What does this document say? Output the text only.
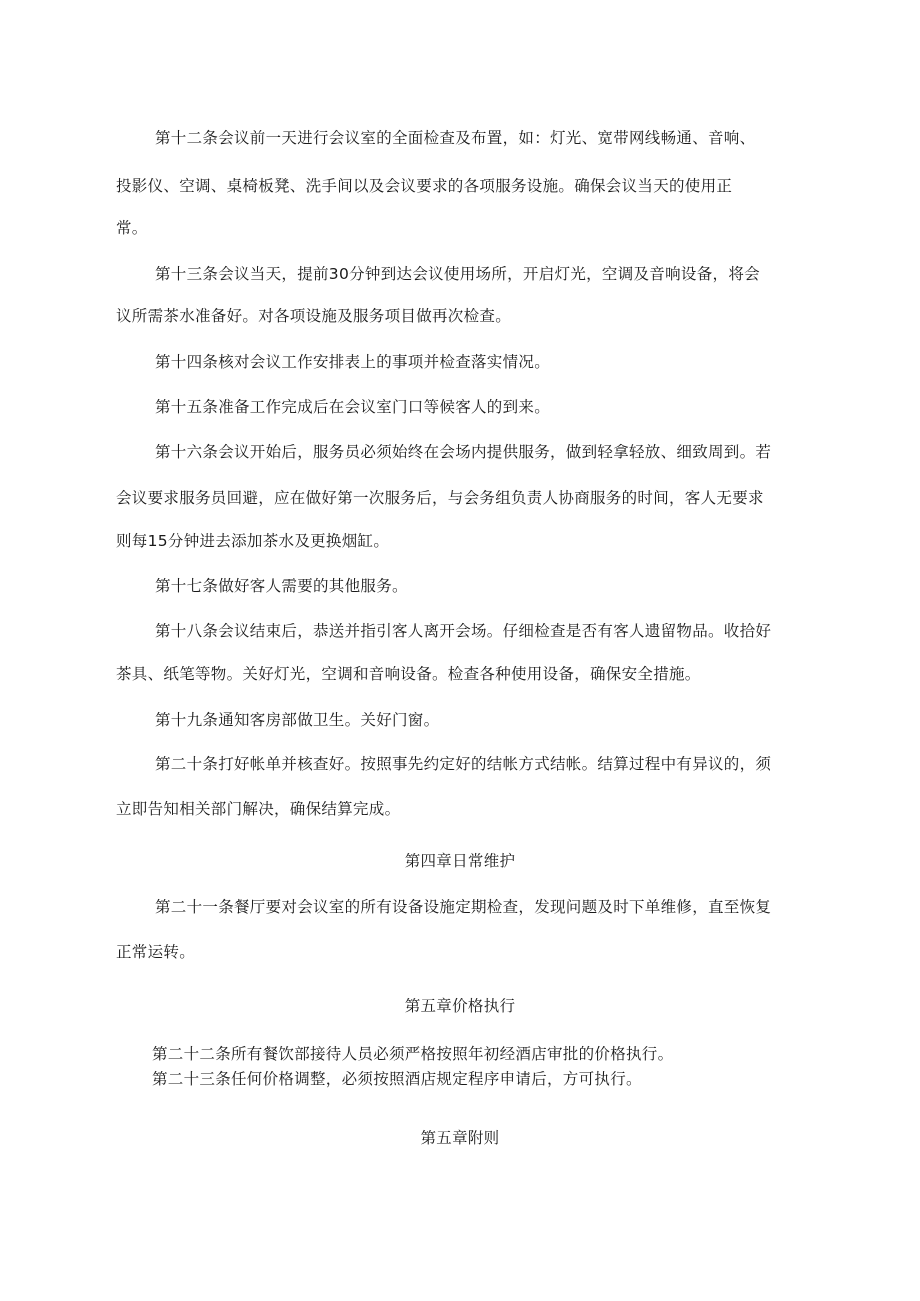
第十二条会议前一天进行会议室的全面检查及布置，如：灯光、宽带网线畅通、音响、
投影仪、空调、桌椅板凳、洗手间以及会议要求的各项服务设施。确保会议当天的使用正
常。
第十三条会议当天，提前30分钟到达会议使用场所，开启灯光，空调及音响设备，将会
议所需茶水准备好。对各项设施及服务项目做再次检查。
第十四条核对会议工作安排表上的事项并检查落实情况。
第十五条准备工作完成后在会议室门口等候客人的到来。
第十六条会议开始后，服务员必须始终在会场内提供服务，做到轻拿轻放、细致周到。若
会议要求服务员回避，应在做好第一次服务后，与会务组负责人协商服务的时间，客人无要求
则每15分钟进去添加茶水及更换烟缸。
第十七条做好客人需要的其他服务。
第十八条会议结束后，恭送并指引客人离开会场。仔细检查是否有客人遗留物品。收拾好
茶具、纸笔等物。关好灯光，空调和音响设备。检查各种使用设备，确保安全措施。
第十九条通知客房部做卫生。关好门窗。
第二十条打好帐单并核查好。按照事先约定好的结帐方式结帐。结算过程中有异议的，须
立即告知相关部门解决，确保结算完成。
第四章日常维护
第二十一条餐厅要对会议室的所有设备设施定期检查，发现问题及时下单维修，直至恢复
正常运转。
第五章价格执行
第二十二条所有餐饮部接待人员必须严格按照年初经酒店审批的价格执行。
第二十三条任何价格调整，必须按照酒店规定程序申请后，方可执行。
第五章附则
